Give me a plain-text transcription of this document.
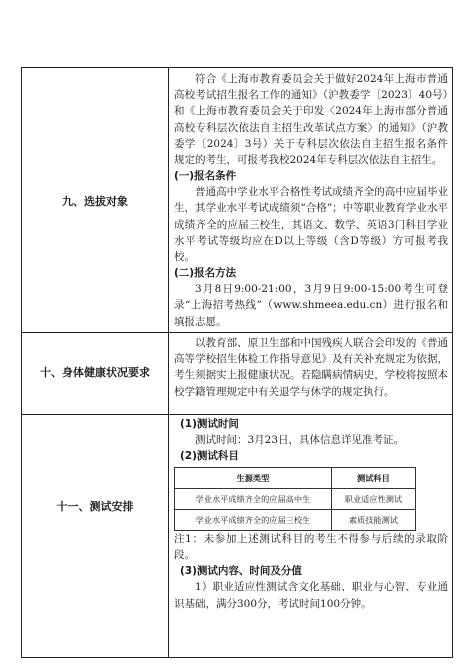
九、选拔对象

符合《上海市教育委员会关于做好2024年上海市普通高校考试招生报名工作的通知》（沪教委学〔2023〕40号）和《上海市教育委员会关于印发〈2024年上海市部分普通高校专科层次依法自主招生改革试点方案〉的通知》（沪教委学〔2024〕3号）关于专科层次依法自主招生报名条件规定的考生，可报考我校2024年专科层次依法自主招生。

(一)报名条件

普通高中学业水平合格性考试成绩齐全的高中应届毕业生，其学业水平考试成绩须“合格”；中等职业教育学业水平成绩齐全的应届三校生，其语文、数学、英语3门科目学业水平考试等级均应在D以上等级（含D等级）方可报考我校。

(二)报名方法

3月8日9:00-21:00，3月9日9:00-15:00考生可登录“上海招考热线”（www.shmeea.edu.cn）进行报名和填报志愿。

十、身体健康状况要求

以教育部、原卫生部和中国残疾人联合会印发的《普通高等学校招生体检工作指导意见》及有关补充规定为依据，考生须据实上报健康状况。若隐瞒病情病史，学校将按照本校学籍管理规定中有关退学与休学的规定执行。

十一、测试安排

(1)测试时间

测试时间：3月23日，具体信息详见准考证。

(2)测试科目

生源类型	测试科目
学业水平成绩齐全的应届高中生	职业适应性测试
学业水平成绩齐全的应届三校生	素质技能测试

注1：未参加上述测试科目的考生不得参与后续的录取阶段。

(3)测试内容、时间及分值

1）职业适应性测试含文化基础、职业与心智、专业通识基础，满分300分，考试时间100分钟。
